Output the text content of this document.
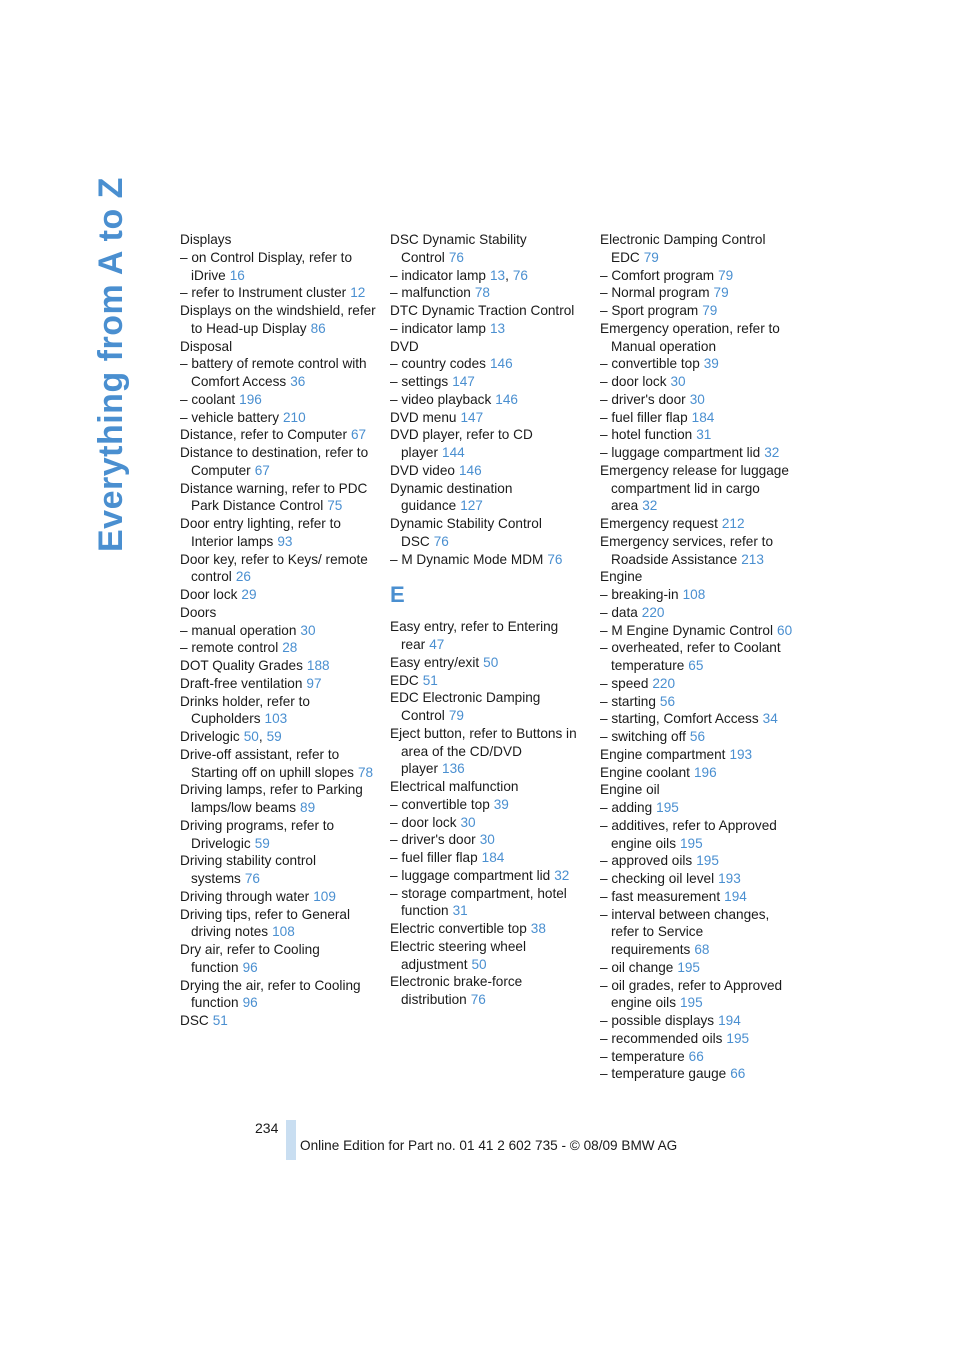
Everything from A to Z	Displays
– on Control Display, refer to iDrive 16
– refer to Instrument cluster 12
Displays on the windshield, refer to Head-up Display 86
Disposal
– battery of remote control with Comfort Access 36
– coolant 196
– vehicle battery 210
Distance, refer to Computer 67
Distance to destination, refer to Computer 67
Distance warning, refer to PDC Park Distance Control 75
Door entry lighting, refer to Interior lamps 93
Door key, refer to Keys/ remote control 26
Door lock 29
Doors
– manual operation 30
– remote control 28
DOT Quality Grades 188
Draft-free ventilation 97
Drinks holder, refer to Cupholders 103
Drivelogic 50, 59
Drive-off assistant, refer to Starting off on uphill slopes 78
Driving lamps, refer to Parking lamps/low beams 89
Driving programs, refer to Drivelogic 59
Driving stability control systems 76
Driving through water 109
Driving tips, refer to General driving notes 108
Dry air, refer to Cooling function 96
Drying the air, refer to Cooling function 96
DSC 51
DSC Dynamic Stability Control 76
– indicator lamp 13, 76
– malfunction 78
DTC Dynamic Traction Control
– indicator lamp 13
DVD
– country codes 146
– settings 147
– video playback 146
DVD menu 147
DVD player, refer to CD player 144
DVD video 146
Dynamic destination guidance 127
Dynamic Stability Control DSC 76
– M Dynamic Mode MDM 76
E
Easy entry, refer to Entering rear 47
Easy entry/exit 50
EDC 51
EDC Electronic Damping Control 79
Eject button, refer to Buttons in area of the CD/DVD player 136
Electrical malfunction
– convertible top 39
– door lock 30
– driver's door 30
– fuel filler flap 184
– luggage compartment lid 32
– storage compartment, hotel function 31
Electric convertible top 38
Electric steering wheel adjustment 50
Electronic brake-force distribution 76
Electronic Damping Control EDC 79
– Comfort program 79
– Normal program 79
– Sport program 79
Emergency operation, refer to Manual operation
– convertible top 39
– door lock 30
– driver's door 30
– fuel filler flap 184
– hotel function 31
– luggage compartment lid 32
Emergency release for luggage compartment lid in cargo area 32
Emergency request 212
Emergency services, refer to Roadside Assistance 213
Engine
– breaking-in 108
– data 220
– M Engine Dynamic Control 60
– overheated, refer to Coolant temperature 65
– speed 220
– starting 56
– starting, Comfort Access 34
– switching off 56
Engine compartment 193
Engine coolant 196
Engine oil
– adding 195
– additives, refer to Approved engine oils 195
– approved oils 195
– checking oil level 193
– fast measurement 194
– interval between changes, refer to Service requirements 68
– oil change 195
– oil grades, refer to Approved engine oils 195
– possible displays 194
– recommended oils 195
– temperature 66
– temperature gauge 66
234
Online Edition for Part no. 01 41 2 602 735 - © 08/09 BMW AG
